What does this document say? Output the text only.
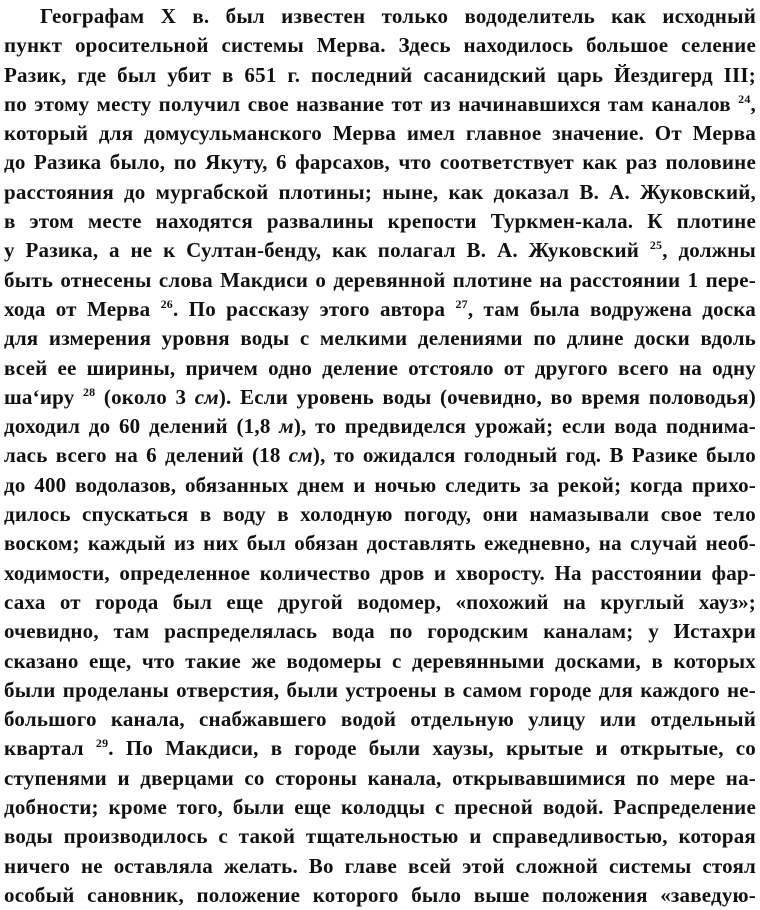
Географам X в. был известен только вододелитель как исходный
пункт оросительной системы Мерва. Здесь находилось большое селение
Разик, где был убит в 651 г. последний сасанидский царь Йездигерд III;
по этому месту получил свое название тот из начинавшихся там каналов $^{24}$,
который для домусульманского Мерва имел главное значение. От Мерва
до Разика было, по Якуту, 6 фарсахов, что соответствует как раз половине
расстояния до мургабской плотины; ныне, как доказал В. А. Жуковский,
в этом месте находятся развалины крепости Туркмен-кала. К плотине
у Разика, а не к Султан-бенду, как полагал В. А. Жуковский $^{25}$, должны
быть отнесены слова Макдиси о деревянной плотине на расстоянии 1 пере-
хода от Мерва $^{26}$. По рассказу этого автора $^{27}$, там была водружена доска
для измерения уровня воды с мелкими делениями по длине доски вдоль
всей ее ширины, причем одно деление отстояло от другого всего на одну
ша‘иру $^{28}$ (около 3 см). Если уровень воды (очевидно, во время половодья)
доходил до 60 делений (1,8 м), то предвиделся урожай; если вода поднима-
лась всего на 6 делений (18 см), то ожидался голодный год. В Разике было
до 400 водолазов, обязанных днем и ночью следить за рекой; когда прихо-
дилось спускаться в воду в холодную погоду, они намазывали свое тело
воском; каждый из них был обязан доставлять ежедневно, на случай необ-
ходимости, определенное количество дров и хворосту. На расстоянии фар-
саха от города был еще другой водомер, «похожий на круглый хауз»;
очевидно, там распределялась вода по городским каналам; у Истахри
сказано еще, что такие же водомеры с деревянными досками, в которых
были проделаны отверстия, были устроены в самом городе для каждого не-
большого канала, снабжавшего водой отдельную улицу или отдельный
квартал $^{29}$. По Макдиси, в городе были хаузы, крытые и открытые, со
ступенями и дверцами со стороны канала, открывавшимися по мере на-
добности; кроме того, были еще колодцы с пресной водой. Распределение
воды производилось с такой тщательностью и справедливостью, которая
ничего не оставляла желать. Во главе всей этой сложной системы стоял
особый сановник, положение которого было выше положения «заведую-
